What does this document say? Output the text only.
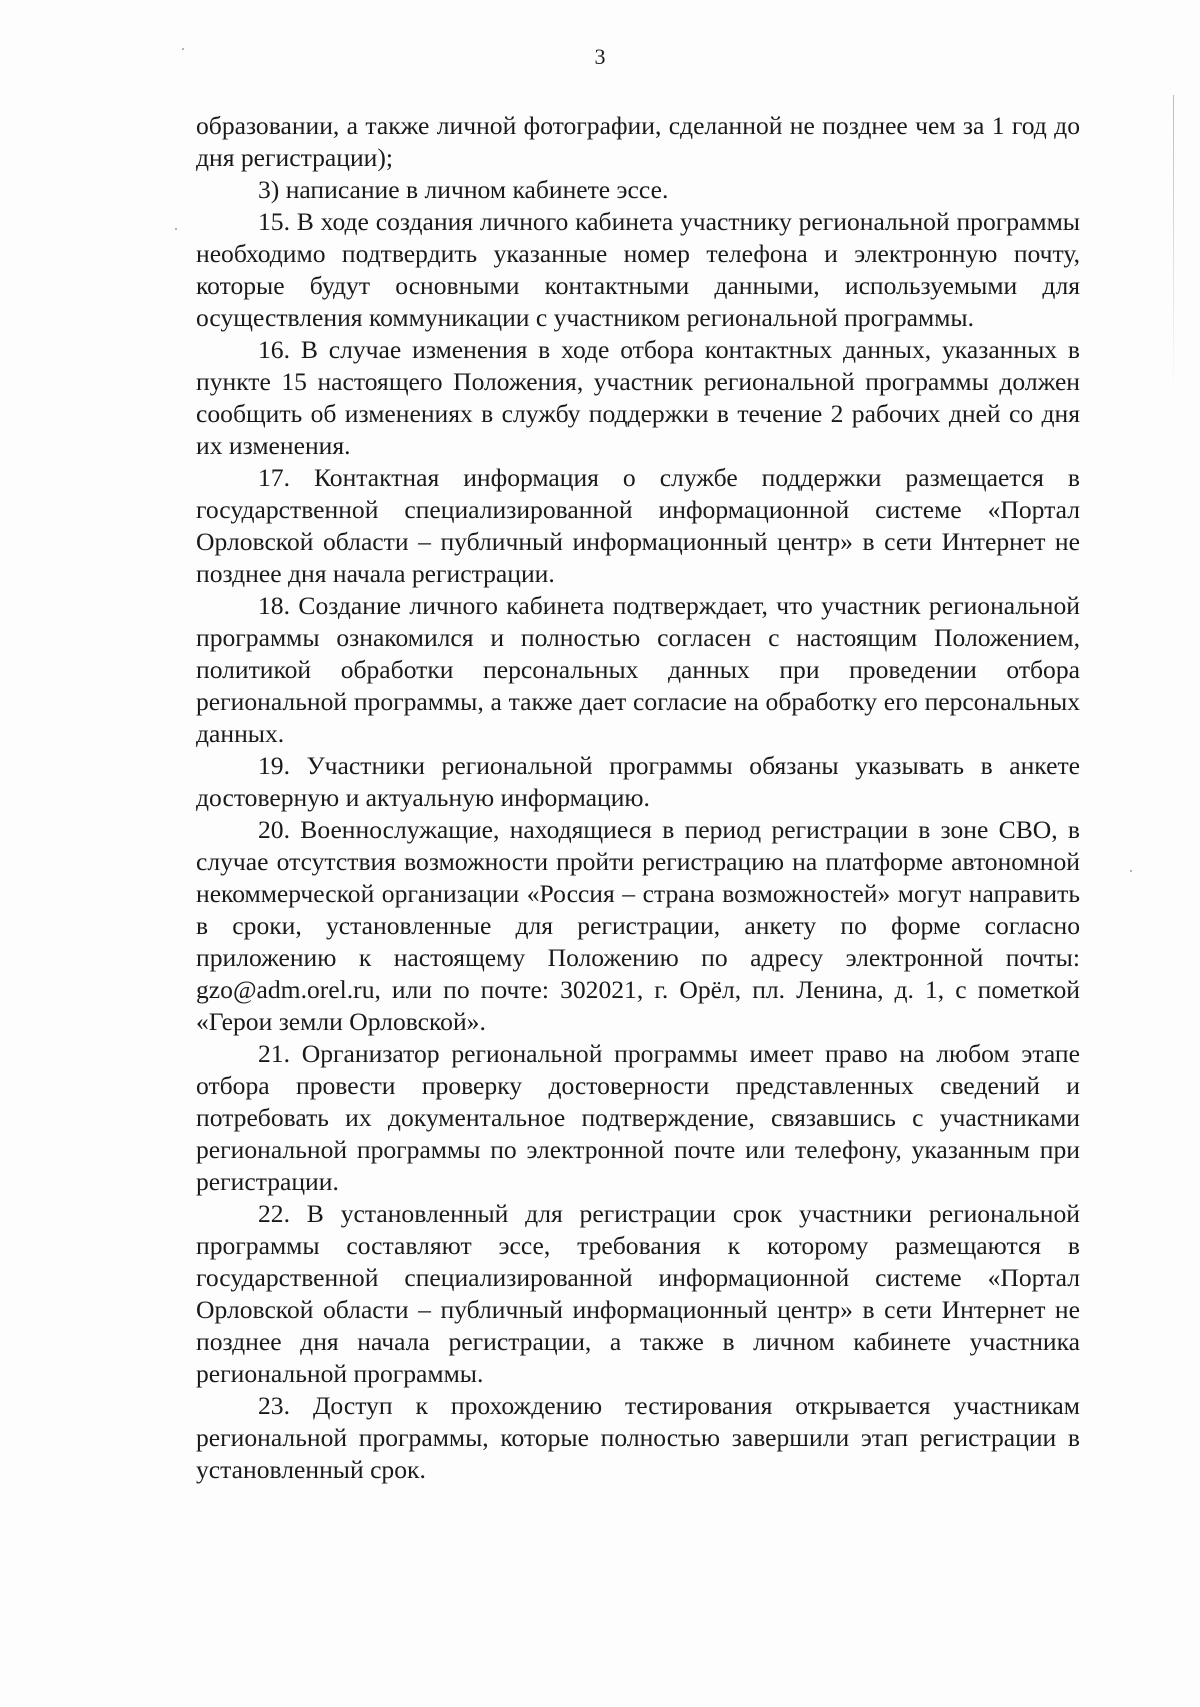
3

образовании, а также личной фотографии, сделанной не позднее чем за 1 год до дня регистрации);

3) написание в личном кабинете эссе.

15. В ходе создания личного кабинета участнику региональной программы необходимо подтвердить указанные номер телефона и электронную почту, которые будут основными контактными данными, используемыми для осуществления коммуникации с участником региональной программы.

16. В случае изменения в ходе отбора контактных данных, указанных в пункте 15 настоящего Положения, участник региональной программы должен сообщить об изменениях в службу поддержки в течение 2 рабочих дней со дня их изменения.

17. Контактная информация о службе поддержки размещается в государственной специализированной информационной системе «Портал Орловской области – публичный информационный центр» в сети Интернет не позднее дня начала регистрации.

18. Создание личного кабинета подтверждает, что участник региональной программы ознакомился и полностью согласен с настоящим Положением, политикой обработки персональных данных при проведении отбора региональной программы, а также дает согласие на обработку его персональных данных.

19. Участники региональной программы обязаны указывать в анкете достоверную и актуальную информацию.

20. Военнослужащие, находящиеся в период регистрации в зоне СВО, в случае отсутствия возможности пройти регистрацию на платформе автономной некоммерческой организации «Россия – страна возможностей» могут направить в сроки, установленные для регистрации, анкету по форме согласно приложению к настоящему Положению по адресу электронной почты: gzo@adm.orel.ru, или по почте: 302021, г. Орёл, пл. Ленина, д. 1, с пометкой «Герои земли Орловской».

21. Организатор региональной программы имеет право на любом этапе отбора провести проверку достоверности представленных сведений и потребовать их документальное подтверждение, связавшись с участниками региональной программы по электронной почте или телефону, указанным при регистрации.

22. В установленный для регистрации срок участники региональной программы составляют эссе, требования к которому размещаются в государственной специализированной информационной системе «Портал Орловской области – публичный информационный центр» в сети Интернет не позднее дня начала регистрации, а также в личном кабинете участника региональной программы.

23. Доступ к прохождению тестирования открывается участникам региональной программы, которые полностью завершили этап регистрации в установленный срок.
